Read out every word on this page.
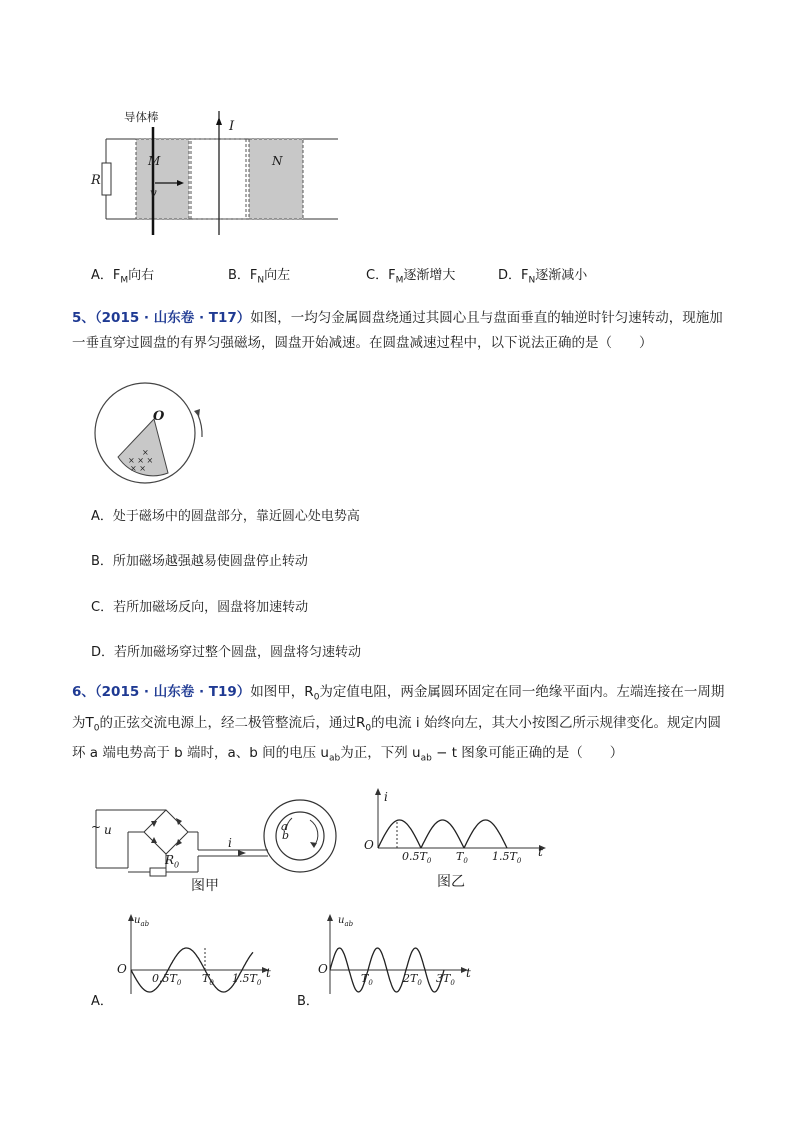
导体棒
I
R
M	N
v
A．$F_M$向右	B．$F_N$向左	C．$F_M$逐渐增大	D．$F_N$逐渐减小
5、（2015 · 山东卷 · T17）如图，一均匀金属圆盘绕通过其圆心且与盘面垂直的轴逆时针匀速转动，现施加一垂直穿过圆盘的有界匀强磁场，圆盘开始减速。在圆盘减速过程中，以下说法正确的是（　　）
× × ×
× ×
×
O
A．处于磁场中的圆盘部分，靠近圆心处电势高
B．所加磁场越强越易使圆盘停止转动
C．若所加磁场反向，圆盘将加速转动
D．若所加磁场穿过整个圆盘，圆盘将匀速转动
6、（2015 · 山东卷 · T19）如图甲，$R_0$为定值电阻，两金属圆环固定在同一绝缘平面内。左端连接在一周期为$T_0$的正弦交流电源上，经二极管整流后，通过$R_0$的电流 i 始终向左，其大小按图乙所示规律变化。规定内圆环 a 端电势高于 b 端时，a、b 间的电压 $u_{ab}$为正，下列 $u_{ab} - t$ 图象可能正确的是（　　）
~ u
i
$R_0$
a
b
图甲
i
O	t
$0.5T_0$ $T_0$ $1.5T_0$
图乙
$u_{ab}$
O	t
$0.5T_0$ $T_0$ $1.5T_0$
A．
$u_{ab}$
O	t
$T_0$	$2T_0$ $3T_0$
B．
